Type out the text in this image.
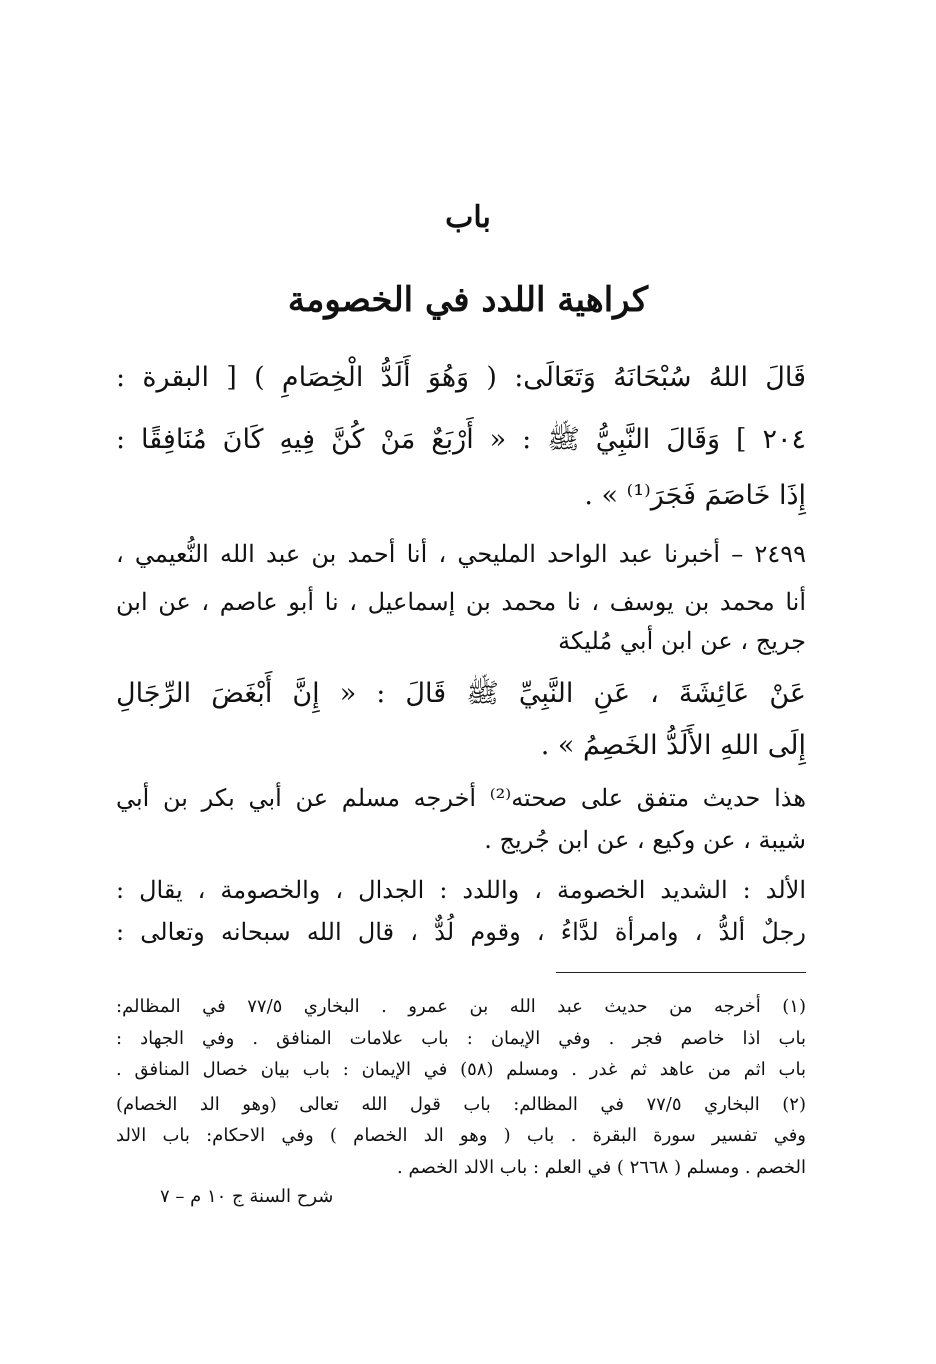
باب
كراهية اللدد في الخصومة
قَالَ اللهُ سُبْحَانَهُ وَتَعَالَى: ( وَهُوَ أَلَدُّ الْخِصَامِ ) [ البقرة :
٢٠٤ ] وَقَالَ النَّبِيُّ ﷺ : « أَرْبَعٌ مَنْ كُنَّ فِيهِ كَانَ مُنَافِقًا :
إِذَا خَاصَمَ فَجَرَ⁽¹⁾ » .
٢٤٩٩ – أخبرنا عبد الواحد المليحي ، أنا أحمد بن عبد الله النُّعيمي ،
أنا محمد بن يوسف ، نا محمد بن إسماعيل ، نا أبو عاصم ، عن ابن
جريج ، عن ابن أبي مُليكة
عَنْ عَائِشَةَ ، عَنِ النَّبِيِّ ﷺ قَالَ : « إِنَّ أَبْغَضَ الرِّجَالِ
إِلَى اللهِ الأَلَدُّ الخَصِمُ » .
هذا حديث متفق على صحته⁽²⁾ أخرجه مسلم عن أبي بكر بن أبي
شيبة ، عن وكيع ، عن ابن جُريج .
الألد : الشديد الخصومة ، واللدد : الجدال ، والخصومة ، يقال :
رجلٌ ألدُّ ، وامرأة لدَّاءُ ، وقوم لُدٌّ ، قال الله سبحانه وتعالى :
(١) أخرجه من حديث عبد الله بن عمرو . البخاري ٧٧/٥ في المظالم:
باب اذا خاصم فجر . وفي الإيمان : باب علامات المنافق . وفي الجهاد :
باب اثم من عاهد ثم غدر . ومسلم (٥٨) في الإيمان : باب بيان خصال المنافق .
(٢) البخاري ٧٧/٥ في المظالم: باب قول الله تعالى (وهو الد الخصام)
وفي تفسير سورة البقرة . باب ( وهو الد الخصام ) وفي الاحكام: باب الالد
الخصم . ومسلم ( ٢٦٦٨ ) في العلم : باب الالد الخصم .
شرح السنة ج ١٠ م – ٧
